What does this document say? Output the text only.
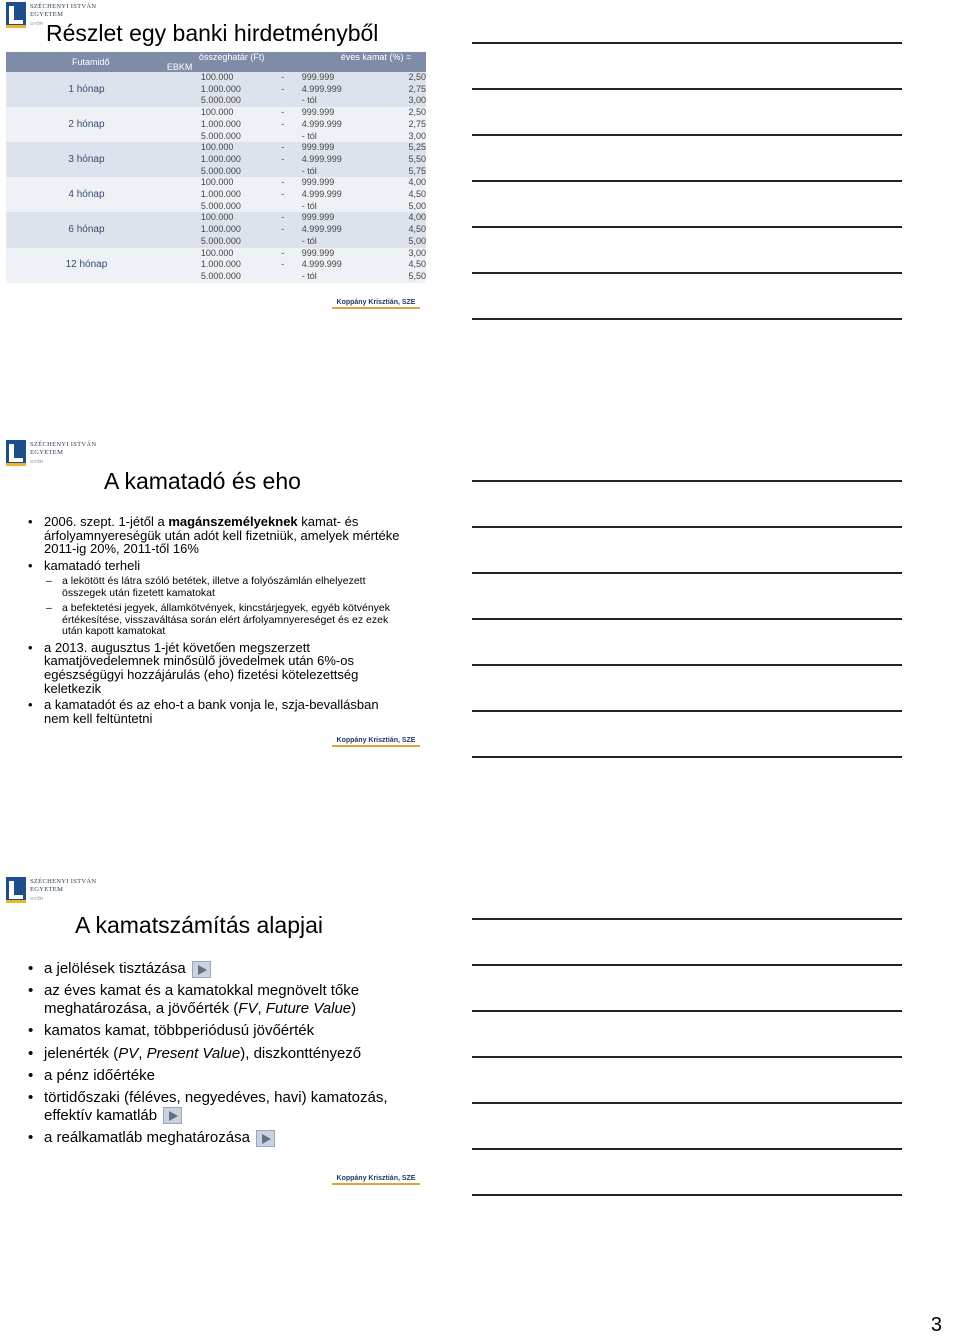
SZÉCHENYI ISTVÁN
EGYETEM
GYŐR Részlet egy banki hirdetményből
Futamidő	összeghatár (Ft) éves kamat (%) = EBKM			
1 hónap	100.000	-	999.999	2,50
	1.000.000	-	4.999.999	2,75
	5.000.000		- tól	3,00
2 hónap	100.000	-	999.999	2,50
	1.000.000	-	4.999.999	2,75
	5.000.000		- tól	3,00
3 hónap	100.000	-	999.999	5,25
	1.000.000	-	4.999.999	5,50
	5.000.000		- tól	5,75
4 hónap	100.000	-	999.999	4,00
	1.000.000	-	4.999.999	4,50
	5.000.000		- tól	5,00
6 hónap	100.000	-	999.999	4,00
	1.000.000	-	4.999.999	4,50
	5.000.000		- tól	5,00
12 hónap	100.000	-	999.999	3,00
	1.000.000	-	4.999.999	4,50
	5.000.000		- tól	5,50
Koppány Krisztián, SZE
SZÉCHENYI ISTVÁN
EGYETEM
GYŐR
A kamatadó és eho
• 2006. szept. 1-jétől a magánszemélyeknek kamat- és árfolyamnyereségük után adót kell fizetniük, amelyek mértéke 2011-ig 20%, 2011-től 16%
• kamatadó terheli
– a lekötött és látra szóló betétek, illetve a folyószámlán elhelyezett összegek után fizetett kamatokat
– a befektetési jegyek, államkötvények, kincstárjegyek, egyéb kötvények értékesítése, visszaváltása során elért árfolyamnyereséget és ez ezek után kapott kamatokat
• a 2013. augusztus 1-jét követően megszerzett kamatjövedelemnek minősülő jövedelmek után 6%-os egészségügyi hozzájárulás (eho) fizetési kötelezettség keletkezik
• a kamatadót és az eho-t a bank vonja le, szja-bevallásban nem kell feltüntetni
Koppány Krisztián, SZE
SZÉCHENYI ISTVÁN
EGYETEM
GYŐR
A kamatszámítás alapjai
• a jelölések tisztázása
• az éves kamat és a kamatokkal megnövelt tőke meghatározása, a jövőérték (FV, Future Value)
• kamatos kamat, többperiódusú jövőérték
• jelenérték (PV, Present Value), diszkonttényező
• a pénz időértéke
• törtidőszaki (féléves, negyedéves, havi) kamatozás, effektív kamatláb
• a reálkamatláb meghatározása
Koppány Krisztián, SZE
3
